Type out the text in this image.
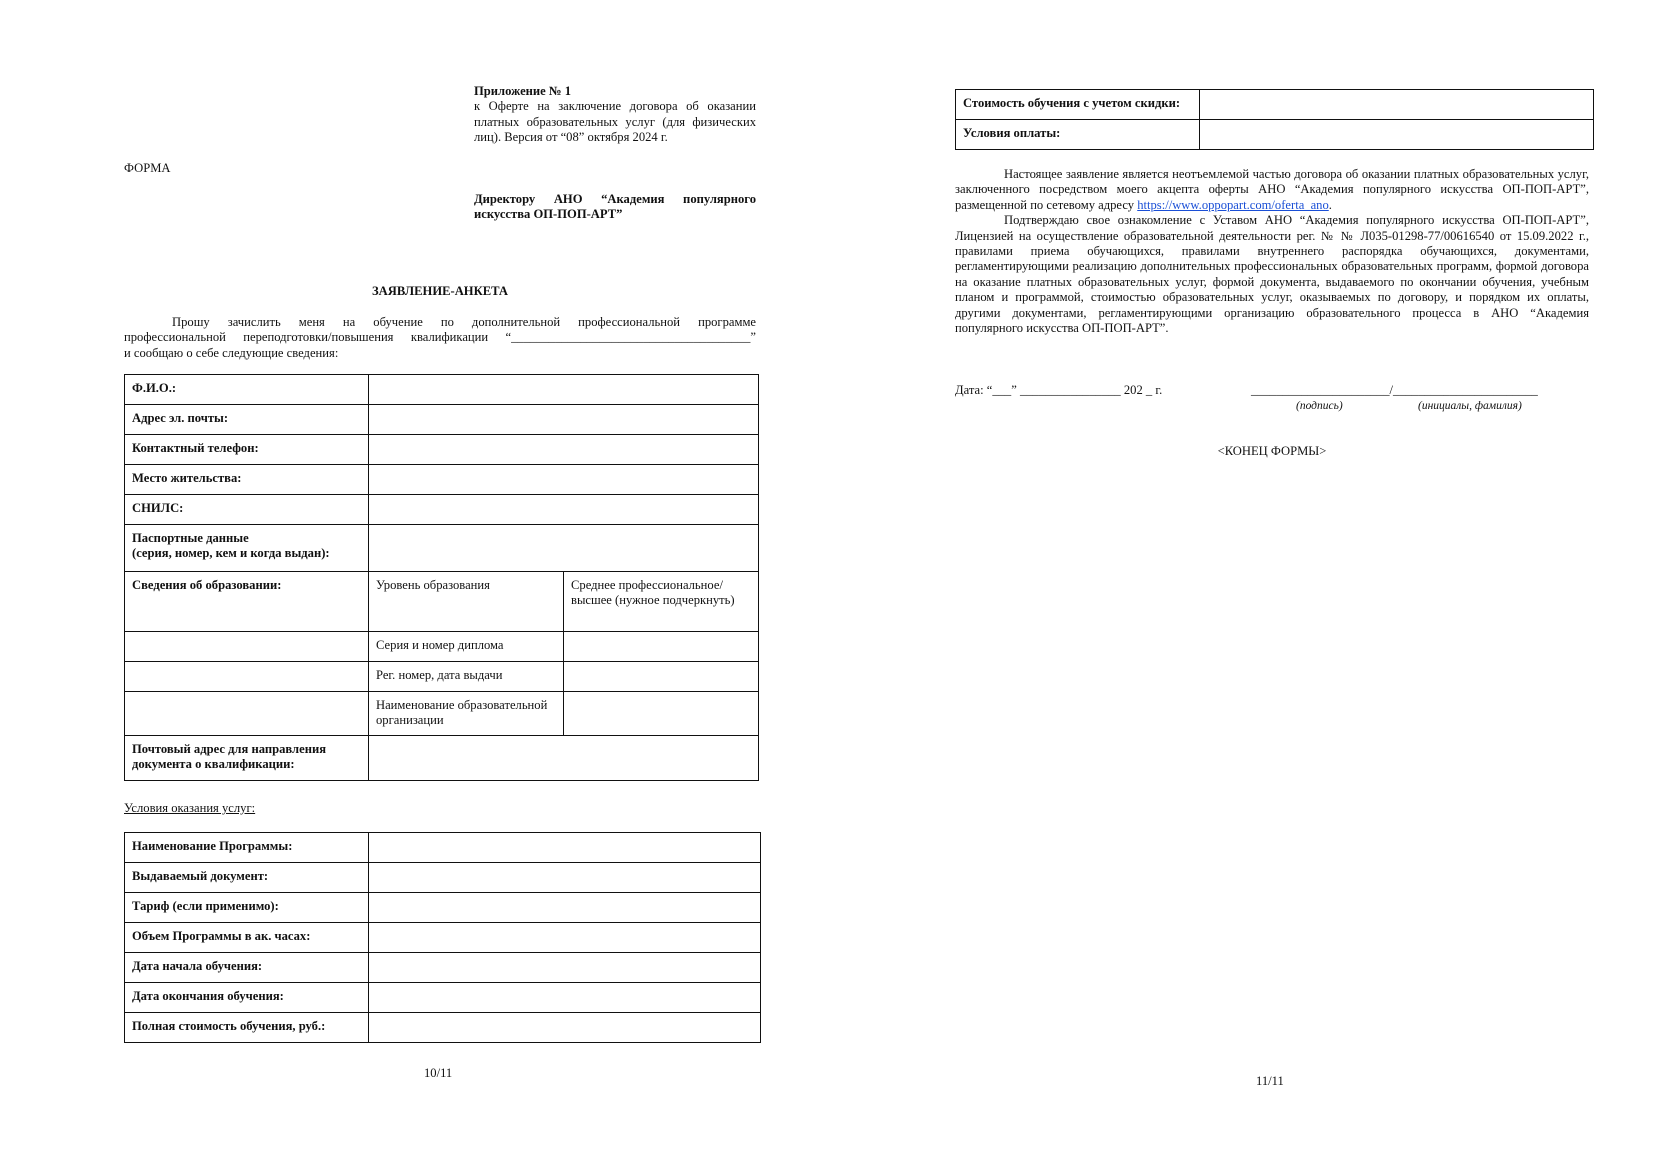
Приложение № 1
к Оферте на заключение договора об оказании платных образовательных услуг (для физических лиц). Версия от “08” октября 2024 г.
ФОРМА
Директору АНО “Академия популярного искусства ОП-ПОП-АРТ”
ЗАЯВЛЕНИЕ-АНКЕТА
Прошу зачислить меня на обучение по дополнительной профессиональной программе
профессиональной переподготовки/повышения квалификации “______________________________________”
и сообщаю о себе следующие сведения:
Ф.И.О.:		
Адрес эл. почты:		
Контактный телефон:		
Место жительства:		
СНИЛС:		
Паспортные данные
(серия, номер, кем и когда выдан):		
Сведения об образовании:	Уровень образования	Среднее профессиональное/высшее (нужное подчеркнуть)
	Серия и номер диплома	
	Рег. номер, дата выдачи	
	Наименование образовательной организации	
Почтовый адрес для направления документа о квалификации:		
Условия оказания услуг:
Наименование Программы:	
Выдаваемый документ:	
Тариф (если применимо):	
Объем Программы в ак. часах:	
Дата начала обучения:	
Дата окончания обучения:	
Полная стоимость обучения, руб.:	
10/11
Стоимость обучения с учетом скидки:	
Условия оплаты:	

Настоящее заявление является неотъемлемой частью договора об оказании платных образовательных услуг, заключенного посредством моего акцепта оферты АНО “Академия популярного искусства ОП-ПОП-АРТ”, размещенной по сетевому адресу https://www.oppopart.com/oferta_ano.

Подтверждаю свое ознакомление с Уставом АНО “Академия популярного искусства ОП-ПОП-АРТ”, Лицензией на осуществление образовательной деятельности рег. № № Л035-01298-77/00616540 от 15.09.2022 г., правилами приема обучающихся, правилами внутреннего распорядка обучающихся, документами, регламентирующими реализацию дополнительных профессиональных образовательных программ, формой договора на оказание платных образовательных услуг, формой документа, выдаваемого по окончании обучения, учебным планом и программой, стоимостью образовательных услуг, оказываемых по договору, и порядком их оплаты, другими документами, регламентирующими организацию образовательного процесса в АНО “Академия популярного искусства ОП-ПОП-АРТ”.

Дата: “___” ________________ 202 _ г.	______________________/_______________________
(подпись)	(инициалы, фамилия)
<КОНЕЦ ФОРМЫ>
11/11
